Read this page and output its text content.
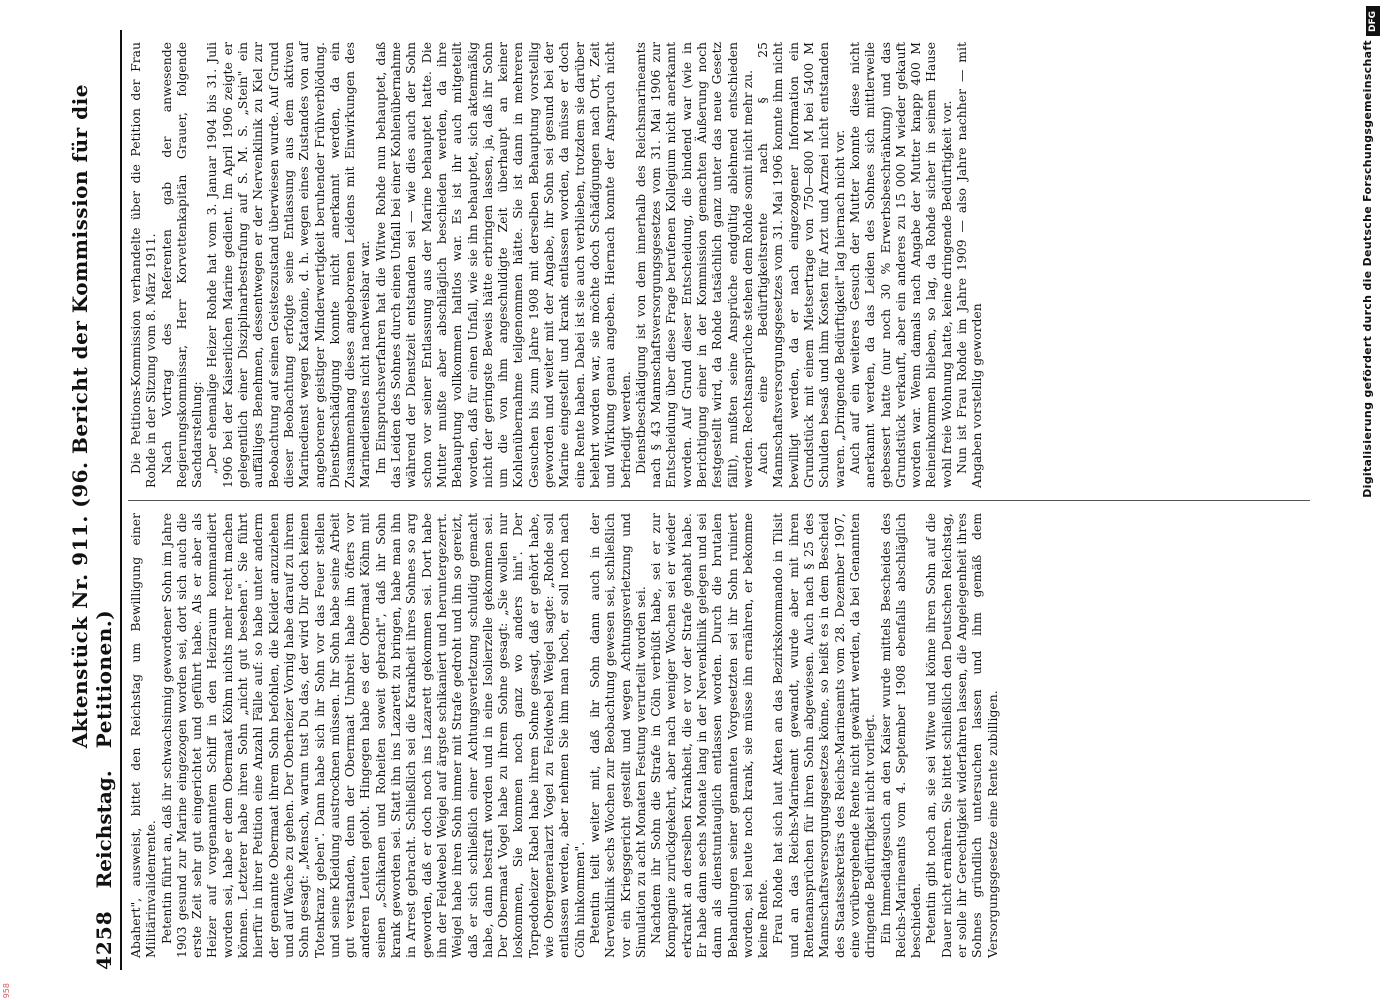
4258
Reichstag.
Aktenstück Nr. 911. (96. Bericht der Kommission für die Petitionen.) Abahert", ausweist, bittet den Reichstag um Bewilligung einer Militärinvalidenrente. Petentin führt an, daß ihr schwachsinnig gewordener Sohn im Jahre 1903 gesund zur Marine eingezogen worden sei, dort sich auch die erste Zeit sehr gut eingerichtet und geführt habe. Als er aber als Heizer auf vorgenanntem Schiff in den Heizraum kommandiert worden sei, habe er dem Obermaat Köhm nichts mehr recht machen können. Letzterer habe ihren Sohn „nicht gut besehen". Sie führt hierfür in ihrer Petition eine Anzahl Fälle auf: so habe unter anderm der genannte Obermaat ihrem Sohn befohlen, die Kleider anzuziehen und auf Wache zu gehen. Der Oberheizer Vornig habe darauf zu ihrem Sohn gesagt: „Mensch, warum tust Du das, der wird Dir doch keinen Totenkranz geben". Dann habe sich ihr Sohn vor das Feuer stellen und seine Kleidung austrocknen müssen. Ihr Sohn habe seine Arbeit gut verstanden, denn der Obermaat Umbreit habe ihn öfters vor anderen Leuten gelobt. Hingegen habe es der Obermaat Köhm mit seinen „Schikanen und Roheiten soweit gebracht", daß ihr Sohn krank geworden sei. Statt ihn ins Lazarett zu bringen, habe man ihn in Arrest gebracht. Schließlich sei die Krankheit ihres Sohnes so arg geworden, daß er doch noch ins Lazarett gekommen sei. Dort habe ihn der Feldwebel Weigel auf ärgste schikaniert und heruntergezerrt. Weigel habe ihren Sohn immer mit Strafe gedroht und ihn so gereizt, daß er sich schließlich einer Achtungsverletzung schuldig gemacht habe, dann bestraft worden und in eine Isolierzelle gekommen sei. Der Obermaat Vogel habe zu ihrem Sohne gesagt: „Sie wollen nur loskommen, Sie kommen noch ganz wo anders hin". Der Torpedoheizer Rabel habe ihrem Sohne gesagt, daß er gehört habe, wie Obergeneralarzt Vogel zu Feldwebel Weigel sagte: „Rohde soll entlassen werden, aber nehmen Sie ihm man hoch, er soll noch nach Cöln hinkommen". Petentin teilt weiter mit, daß ihr Sohn dann auch in der Nervenklinik sechs Wochen zur Beobachtung gewesen sei, schließlich vor ein Kriegsgericht gestellt und wegen Achtungsverletzung und Simulation zu acht Monaten Festung verurteilt worden sei. Nachdem ihr Sohn die Strafe in Cöln verbüßt habe, sei er zur Kompagnie zurückgekehrt, aber nach weniger Wochen sei er wieder erkrankt an derselben Krankheit, die er vor der Strafe gehabt habe. Er habe dann sechs Monate lang in der Nervenklinik gelegen und sei dann als dienstuntauglich entlassen worden. Durch die brutalen Behandlungen seiner genannten Vorgesetzten sei ihr Sohn ruiniert worden, sei heute noch krank, sie müsse ihn ernähren, er bekomme keine Rente. Frau Rohde hat sich laut Akten an das Bezirkskommando in Tilsit und an das Reichs-Marineamt gewandt, wurde aber mit ihren Rentenansprüchen für ihren Sohn abgewiesen. Auch nach § 25 des Mannschaftsversorgungsgesetzes könne, so heißt es in dem Bescheid des Staatssekretärs des Reichs-Marineamts vom 28. Dezember 1907, eine vorübergehende Rente nicht gewährt werden, da bei Genannten dringende Bedürftigkeit nicht vorliegt. Ein Immediatgesuch an den Kaiser wurde mittels Bescheides des Reichs-Marineamts vom 4. September 1908 ebenfalls abschläglich beschieden. Petentin gibt noch an, sie sei Witwe und könne ihren Sohn auf die Dauer nicht ernähren. Sie bittet schließlich den Deutschen Reichstag, er solle ihr Gerechtigkeit widerfahren lassen, die Angelegenheit ihres Sohnes gründlich untersuchen lassen und ihm gemäß dem Versorgungsgesetze eine Rente zubilligen.

Die Petitions-Kommission verhandelte über die Petition der Frau Rohde in der Sitzung vom 8. März 1911. Nach Vortrag des Referenten gab der anwesende Regierungskommissar, Herr Korvettenkapitän Grauer, folgende Sachdarstellung: „Der ehemalige Heizer Rohde hat vom 3. Januar 1904 bis 31. Juli 1906 bei der Kaiserlichen Marine gedient. Im April 1906 zeigte er gelegentlich einer Disziplinarbestrafung auf S. M. S. „Stein" ein auffälliges Benehmen, dessentwegen er der Nervenklinik zu Kiel zur Beobachtung auf seinen Geisteszustand überwiesen wurde. Auf Grund dieser Beobachtung erfolgte seine Entlassung aus dem aktiven Marinedienst wegen Katatonie, d. h. wegen eines Zustandes von auf angeborener geistiger Minderwertigkeit beruhender Frühverblödung. Dienstbeschädigung konnte nicht anerkannt werden, da ein Zusammenhang dieses angeborenen Leidens mit Einwirkungen des Marinedienstes nicht nachweisbar war. Im Einspruchsverfahren hat die Witwe Rohde nun behauptet, daß das Leiden des Sohnes durch einen Unfall bei einer Kohlenübernahme während der Dienstzeit entstanden sei — wie dies auch der Sohn schon vor seiner Entlassung aus der Marine behauptet hatte. Die Mutter mußte aber abschläglich beschieden werden, da ihre Behauptung vollkommen haltlos war. Es ist ihr auch mitgeteilt worden, daß für einen Unfall, wie sie ihn behauptet, sich aktenmäßig nicht der geringste Beweis hätte erbringen lassen, ja, daß ihr Sohn um die von ihm angeschuldigte Zeit überhaupt an keiner Kohlenübernahme teilgenommen hätte. Sie ist dann in mehreren Gesuchen bis zum Jahre 1908 mit derselben Behauptung vorstellig geworden und weiter mit der Angabe, ihr Sohn sei gesund bei der Marine eingestellt und krank entlassen worden, da müsse er doch eine Rente haben. Dabei ist sie auch verblieben, trotzdem sie darüber belehrt worden war, sie möchte doch Schädigungen nach Ort, Zeit und Wirkung genau angeben. Hiernach konnte der Anspruch nicht befriedigt werden. Dienstbeschädigung ist von dem innerhalb des Reichsmarineamts nach § 43 Mannschaftsversorgungsgesetzes vom 31. Mai 1906 zur Entscheidung über diese Frage berufenen Kollegium nicht anerkannt worden. Auf Grund dieser Entscheidung, die bindend war (wie in Berichtigung einer in der Kommission gemachten Äußerung noch festgestellt wird, da Rohde tatsächlich ganz unter das neue Gesetz fällt), mußten seine Ansprüche endgültig ablehnend entschieden werden. Rechtsansprüche stehen dem Rohde somit nicht mehr zu. Auch eine Bedürftigkeitsrente nach § 25 Mannschaftsversorgungsgesetzes vom 31. Mai 1906 konnte ihm nicht bewilligt werden, da er nach eingezogener Information ein Grundstück mit einem Mietsertrage von 750—800 M bei 5400 M Schulden besaß und ihm Kosten für Arzt und Arznei nicht entstanden waren. „Dringende Bedürftigkeit" lag hiernach nicht vor. Auch auf ein weiteres Gesuch der Mutter konnte diese nicht anerkannt werden, da das Leiden des Sohnes sich mittlerweile gebessert hatte (nur noch 30 % Erwerbsbeschränkung) und das Grundstück verkauft, aber ein anderes zu 15 000 M wieder gekauft worden war. Wenn damals nach Angabe der Mutter knapp 400 M Reineinkommen blieben, so lag, da Rohde sicher in seinem Hause wohl freie Wohnung hatte, keine dringende Bedürftigkeit vor. Nun ist Frau Rohde im Jahre 1909 — also Jahre nachher — mit Angaben vorstellig geworden

DFG
Digitalisierung gefördert durch die Deutsche Forschungsgemeinschaft
958
